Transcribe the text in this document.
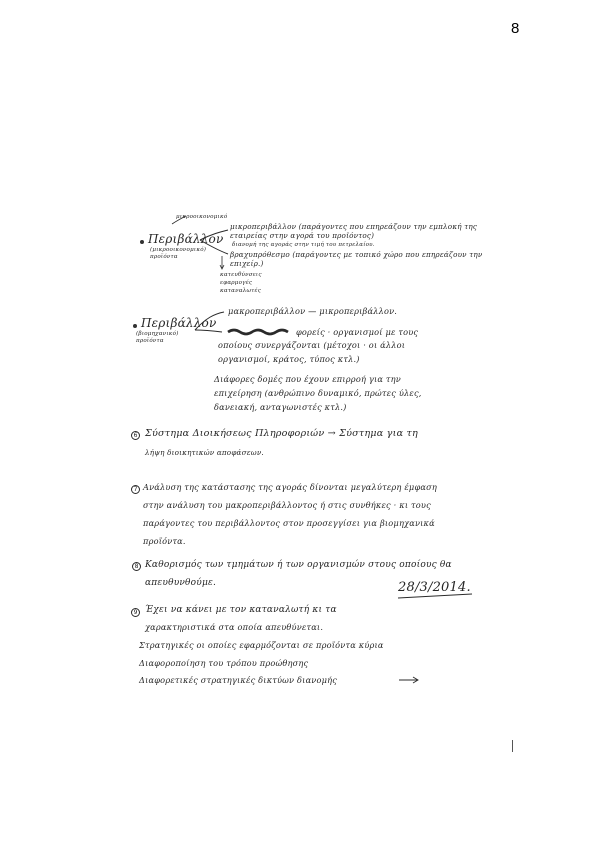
8
Περιβάλλον
μικροοικονομικό
(μικροοικονομικό) προϊόντα
μικροπεριβάλλον (παράγοντες που επηρεάζουν την εμπλοκή της εταιρείας στην αγορά του προϊόντος)
διανομή της αγοράς στην τιμή του πετρελαίου.
βραχυπρόθεσμο (παράγοντες με τοπικό χώρο που επηρεάζουν την επιχείρ.)
κατευθύνσεις
εφαρμογές
καταναλωτές
Περιβάλλον
(βιομηχανικό) προϊόντα
μακροπεριβάλλον — μικροπεριβάλλον.
φορείς · οργανισμοί με τους
οποίους συνεργάζονται (μέτοχοι · οι άλλοι
οργανισμοί, κράτος, τύπος κτλ.)
Διάφορες δομές που έχουν επιρροή για την
επιχείρηση (ανθρώπινο δυναμικό, πρώτες ύλες,
δανειακή, ανταγωνιστές κτλ.)
6 Σύστημα Διοικήσεως Πληροφοριών → Σύστημα για τη
λήψη διοικητικών αποφάσεων.
7 Ανάλυση της κατάστασης της αγοράς δίνονται μεγαλύτερη έμφαση
στην ανάλυση του μακροπεριβάλλοντος ή στις συνθήκες · κι τους
παράγοντες του περιβάλλοντος στον προσεγγίσει για βιομηχανικά
προϊόντα.
8 Καθορισμός των τμημάτων ή των οργανισμών στους οποίους θα
απευθυνθούμε.	28/3/2014.
9 Έχει να κάνει με τον καταναλωτή κι τα
χαρακτηριστικά στα οποία απευθύνεται.
Στρατηγικές οι οποίες εφαρμόζονται σε προϊόντα κύρια
Διαφοροποίηση του τρόπου προώθησης
Διαφορετικές στρατηγικές δικτύων διανομής
